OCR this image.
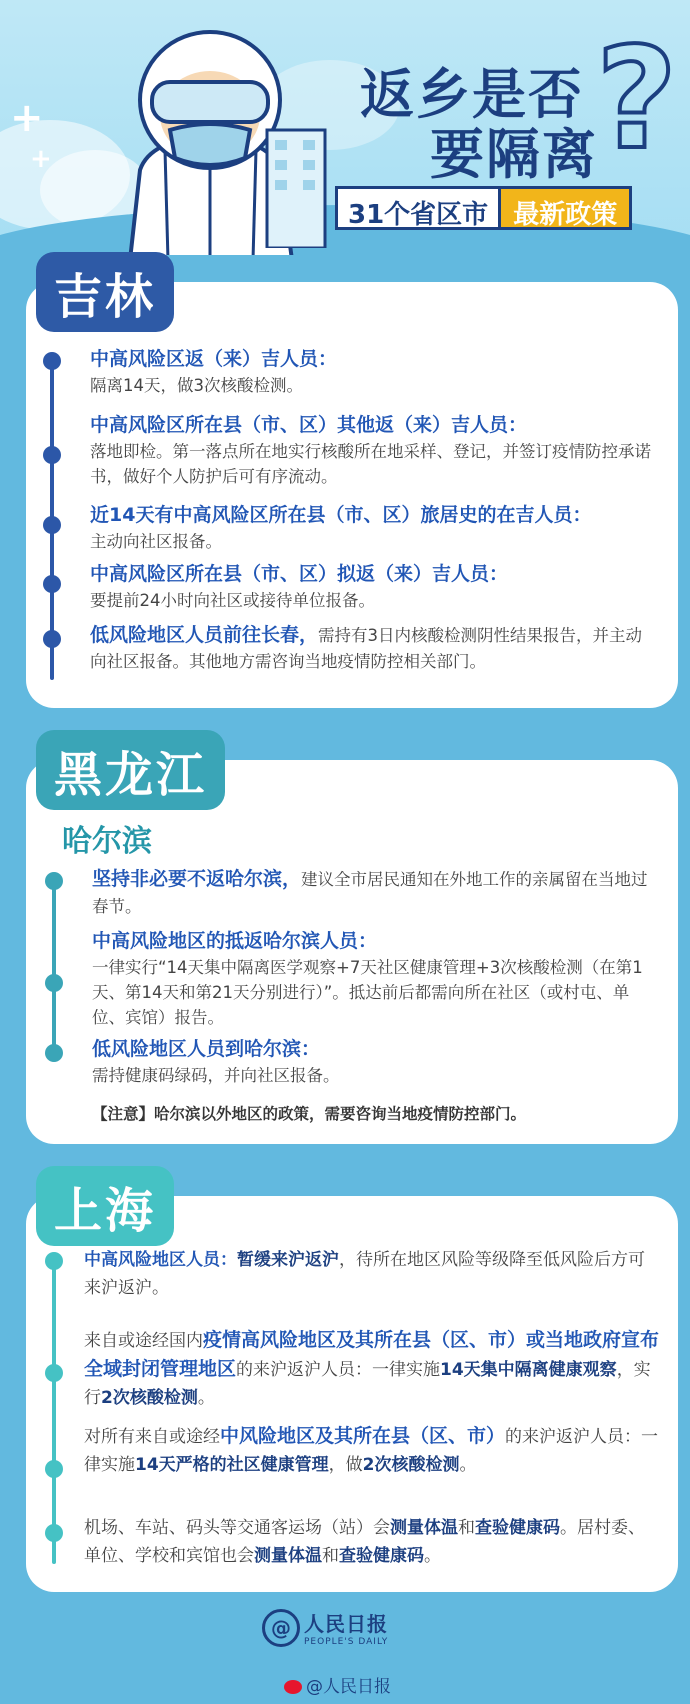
+
+
返乡是否
要隔离
?
31个省区市 最新政策
中高风险区返（来）吉人员：
隔离14天，做3次核酸检测。
中高风险区所在县（市、区）其他返（来）吉人员：
落地即检。第一落点所在地实行核酸所在地采样、登记，并签订疫情防控承诺书，做好个人防护后可有序流动。
近14天有中高风险区所在县（市、区）旅居史的在吉人员：
主动向社区报备。
中高风险区所在县（市、区）拟返（来）吉人员：
要提前24小时向社区或接待单位报备。
低风险地区人员前往长春，需持有3日内核酸检测阴性结果报告，并主动向社区报备。其他地方需咨询当地疫情防控相关部门。
吉林
哈尔滨
坚持非必要不返哈尔滨，建议全市居民通知在外地工作的亲属留在当地过春节。
中高风险地区的抵返哈尔滨人员：
一律实行“14天集中隔离医学观察+7天社区健康管理+3次核酸检测（在第1天、第14天和第21天分别进行）”。抵达前后都需向所在社区（或村屯、单位、宾馆）报告。
低风险地区人员到哈尔滨：
需持健康码绿码，并向社区报备。
【注意】哈尔滨以外地区的政策，需要咨询当地疫情防控部门。
黑龙江
中高风险地区人员：暂缓来沪返沪，待所在地区风险等级降至低风险后方可来沪返沪。
来自或途经国内疫情高风险地区及其所在县（区、市）或当地政府宣布全域封闭管理地区的来沪返沪人员：一律实施14天集中隔离健康观察，实行2次核酸检测。
对所有来自或途经中风险地区及其所在县（区、市）的来沪返沪人员：一律实施14天严格的社区健康管理，做2次核酸检测。
机场、车站、码头等交通客运场（站）会测量体温和查验健康码。居村委、单位、学校和宾馆也会测量体温和查验健康码。
上海
@ 人民日报
PEOPLE'S DAILY
@人民日报
